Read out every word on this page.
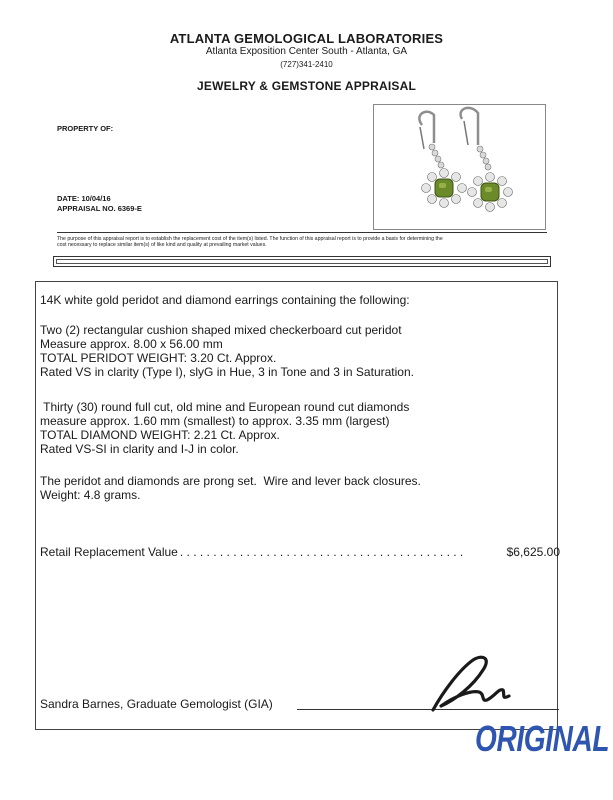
ATLANTA GEMOLOGICAL LABORATORIES
Atlanta Exposition Center South - Atlanta, GA
(727)341-2410
JEWELRY & GEMSTONE APPRAISAL
PROPERTY OF:
DATE: 10/04/16
APPRAISAL NO. 6369-E
The purpose of this appraisal report is to establish the replacement cost of the item(s) listed. The function of this appraisal report is to provide a basis for determining the
cost necessary to replace similar item(s) of like kind and quality at prevailing market values.
14K white gold peridot and diamond earrings containing the following:
Two (2) rectangular cushion shaped mixed checkerboard cut peridot
Measure approx. 8.00 x 56.00 mm
TOTAL PERIDOT WEIGHT: 3.20 Ct. Approx.
Rated VS in clarity (Type I), slyG in Hue, 3 in Tone and 3 in Saturation.
Thirty (30) round full cut, old mine and European round cut diamonds
measure approx. 1.60 mm (smallest) to approx. 3.35 mm (largest)
TOTAL DIAMOND WEIGHT: 2.21 Ct. Approx.
Rated VS-SI in clarity and I-J in color.
The peridot and diamonds are prong set.  Wire and lever back closures.
Weight: 4.8 grams.
Retail Replacement Value . . . . . . . . . . . . . . . . . . . . . . . . . . . . . . . . . . . . . . . . . . .	$6,625.00
Sandra Barnes, Graduate Gemologist (GIA)
ORIGINAL
